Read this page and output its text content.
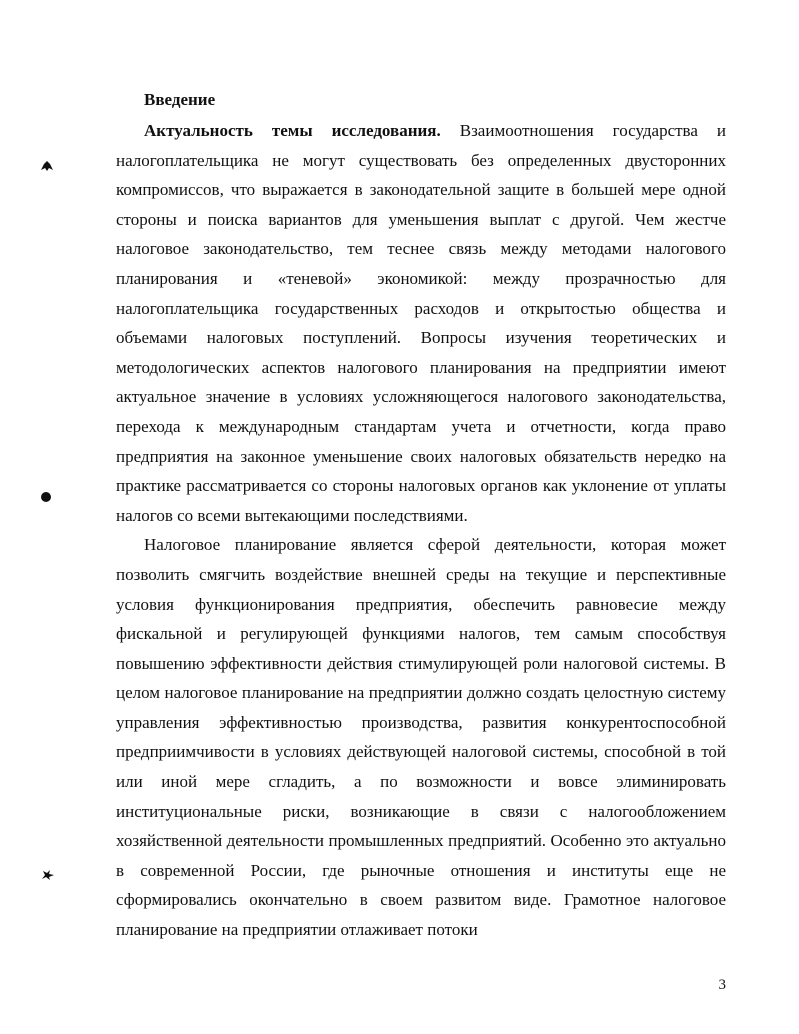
Введение

Актуальность темы исследования. Взаимоотношения государства и налогоплательщика не могут существовать без определенных двусторонних компромиссов, что выражается в законодательной защите в большей мере одной стороны и поиска вариантов для уменьшения выплат с другой. Чем жестче налоговое законодательство, тем теснее связь между методами налогового планирования и «теневой» экономикой: между прозрачностью для налогоплательщика государственных расходов и открытостью общества и объемами налоговых поступлений. Вопросы изучения теоретических и методологических аспектов налогового планирования на предприятии имеют актуальное значение в условиях усложняющегося налогового законодательства, перехода к международным стандартам учета и отчетности, когда право предприятия на законное уменьшение своих налоговых обязательств нередко на практике рассматривается со стороны налоговых органов как уклонение от уплаты налогов со всеми вытекающими последствиями.

Налоговое планирование является сферой деятельности, которая может позволить смягчить воздействие внешней среды на текущие и перспективные условия функционирования предприятия, обеспечить равновесие между фискальной и регулирующей функциями налогов, тем самым способствуя повышению эффективности действия стимулирующей роли налоговой системы. В целом налоговое планирование на предприятии должно создать целостную систему управления эффективностью производства, развития конкурентоспособной предприимчивости в условиях действующей налоговой системы, способной в той или иной мере сгладить, а по возможности и вовсе элиминировать институциональные риски, возникающие в связи с налогообложением хозяйственной деятельности промышленных предприятий. Особенно это актуально в современной России, где рыночные отношения и институты еще не сформировались окончательно в своем развитом виде. Грамотное налоговое планирование на предприятии отлаживает потоки

3
